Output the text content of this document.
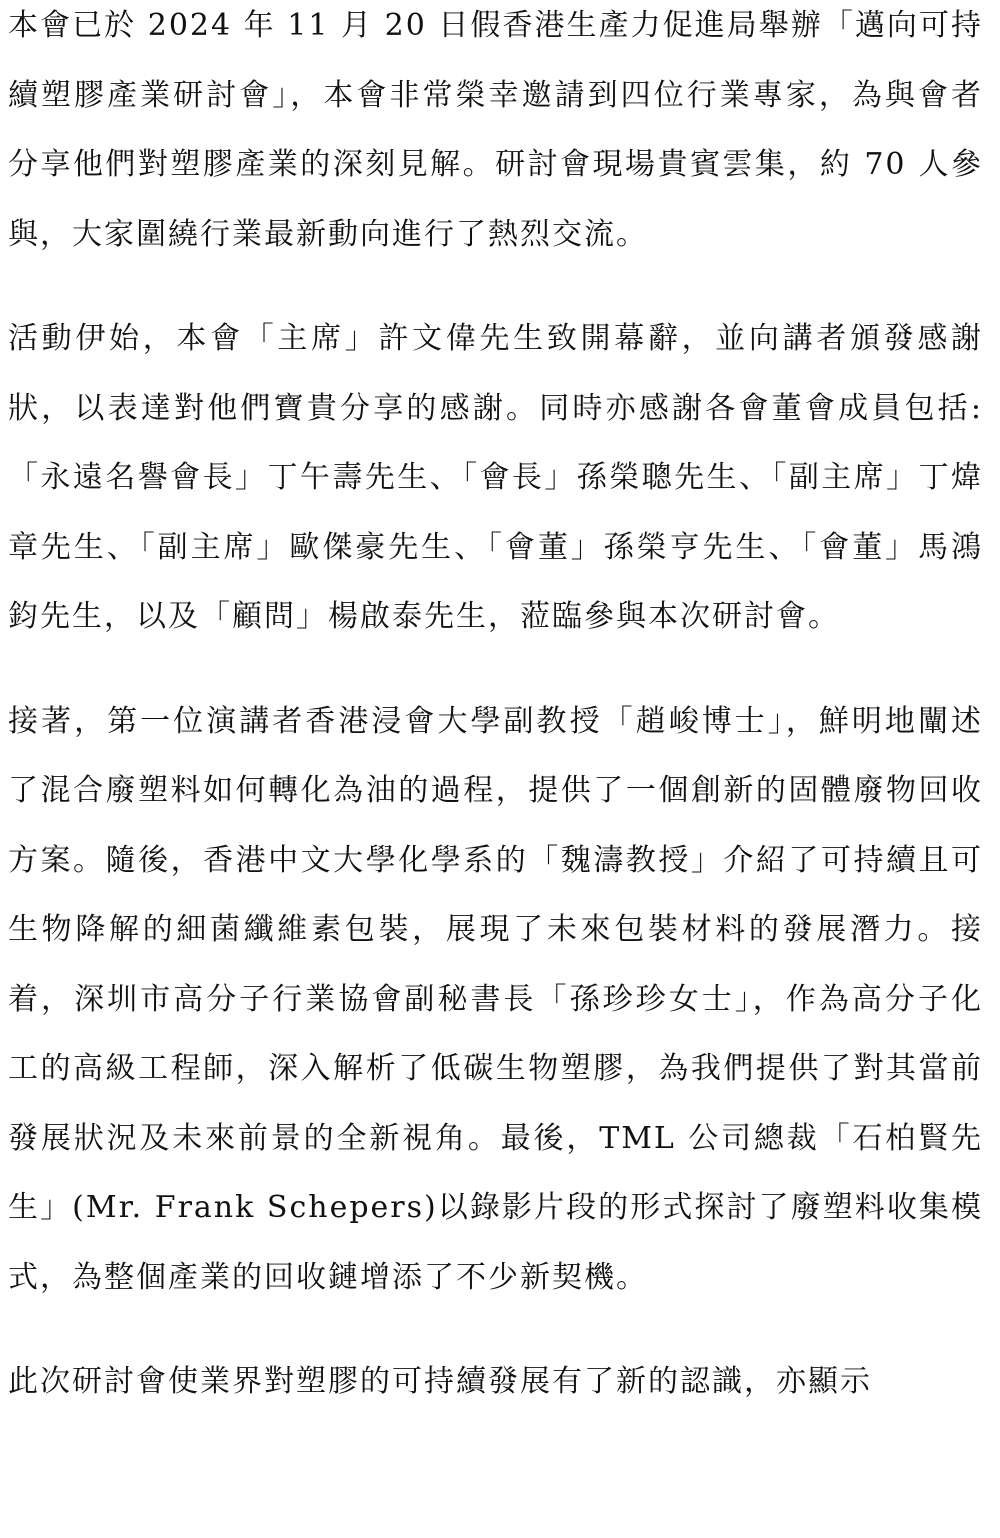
本會已於 2024 年 11 月 20 日假香港生產力促進局舉辦「邁向可持續塑膠產業研討會」，本會非常榮幸邀請到四位行業專家，為與會者分享他們對塑膠產業的深刻見解。研討會現場貴賓雲集，約 70 人參與，大家圍繞行業最新動向進行了熱烈交流。

活動伊始，本會「主席」許文偉先生致開幕辭，並向講者頒發感謝狀，以表達對他們寶貴分享的感謝。同時亦感謝各會董會成員包括:「永遠名譽會長」丁午壽先生、「會長」孫榮聰先生、「副主席」丁煒章先生、「副主席」歐傑豪先生、「會董」孫榮亨先生、「會董」馬鴻鈞先生，以及「顧問」楊啟泰先生，蒞臨參與本次研討會。

接著，第一位演講者香港浸會大學副教授「趙峻博士」，鮮明地闡述了混合廢塑料如何轉化為油的過程，提供了一個創新的固體廢物回收方案。隨後，香港中文大學化學系的「魏濤教授」介紹了可持續且可生物降解的細菌纖維素包裝，展現了未來包裝材料的發展潛力。接着，深圳市高分子行業協會副秘書長「孫珍珍女士」，作為高分子化工的高級工程師，深入解析了低碳生物塑膠，為我們提供了對其當前發展狀況及未來前景的全新視角。最後，TML 公司總裁「石柏賢先生」(Mr. Frank Schepers)以錄影片段的形式探討了廢塑料收集模式，為整個產業的回收鏈增添了不少新契機。

此次研討會使業界對塑膠的可持續發展有了新的認識，亦顯示
